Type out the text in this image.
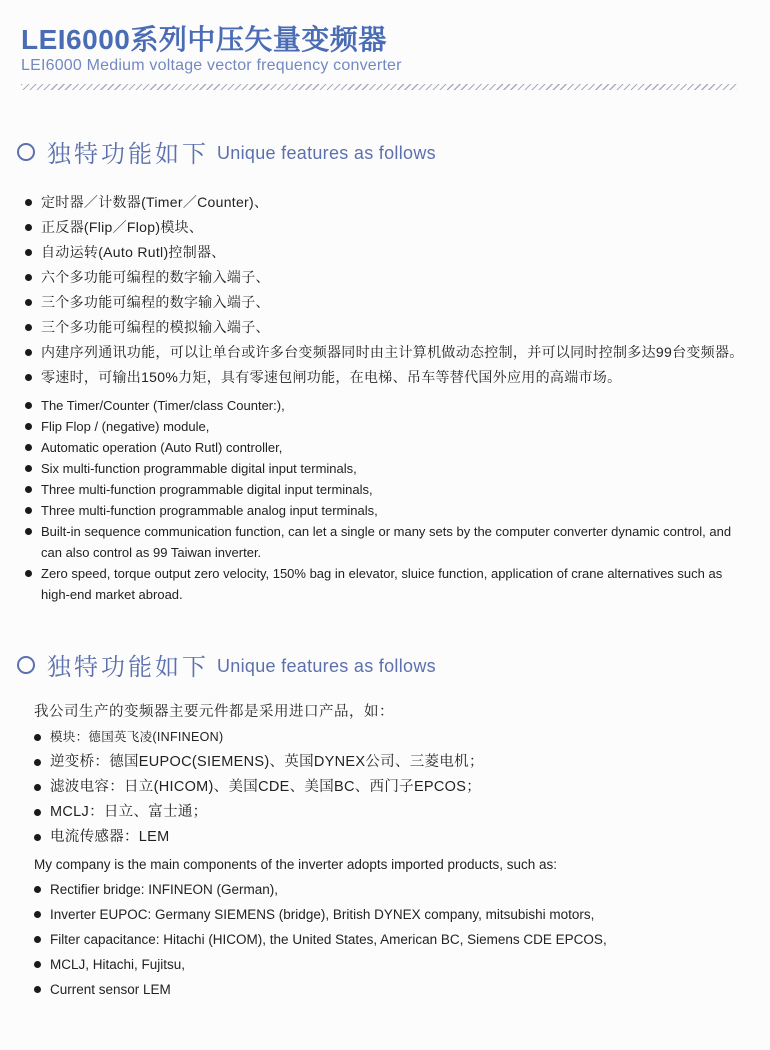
LEI6000系列中压矢量变频器
LEI6000 Medium voltage vector frequency converter
独特功能如下 Unique features as follows
定时器／计数器(Timer／Counter)、
正反器(Flip／Flop)模块、
自动运转(Auto Rutl)控制器、
六个多功能可编程的数字输入端子、
三个多功能可编程的数字输入端子、
三个多功能可编程的模拟输入端子、
内建序列通讯功能，可以让单台或许多台变频器同时由主计算机做动态控制，并可以同时控制多达99台变频器。
零速时，可输出150%力矩，具有零速包闸功能，在电梯、吊车等替代国外应用的高端市场。
The Timer/Counter (Timer/class Counter:),
Flip Flop / (negative) module,
Automatic operation (Auto Rutl) controller,
Six multi-function programmable digital input terminals,
Three multi-function programmable digital input terminals,
Three multi-function programmable analog input terminals,
Built-in sequence communication function, can let a single or many sets by the computer converter dynamic control, and can also control as 99 Taiwan inverter.
Zero speed, torque output zero velocity, 150% bag in elevator, sluice function, application of crane alternatives such as high-end market abroad.
独特功能如下 Unique features as follows
我公司生产的变频器主要元件都是采用进口产品，如：
模块：德国英飞凌(INFINEON)
逆变桥：德国EUPOC(SIEMENS)、英国DYNEX公司、三菱电机；
滤波电容：日立(HICOM)、美国CDE、美国BC、西门子EPCOS；
MCLJ：日立、富士通；
电流传感器：LEM
My company is the main components of the inverter adopts imported products, such as:
Rectifier bridge: INFINEON (German),
Inverter EUPOC: Germany SIEMENS (bridge), British DYNEX company, mitsubishi motors,
Filter capacitance: Hitachi (HICOM), the United States, American BC, Siemens CDE EPCOS,
MCLJ, Hitachi, Fujitsu,
Current sensor LEM
